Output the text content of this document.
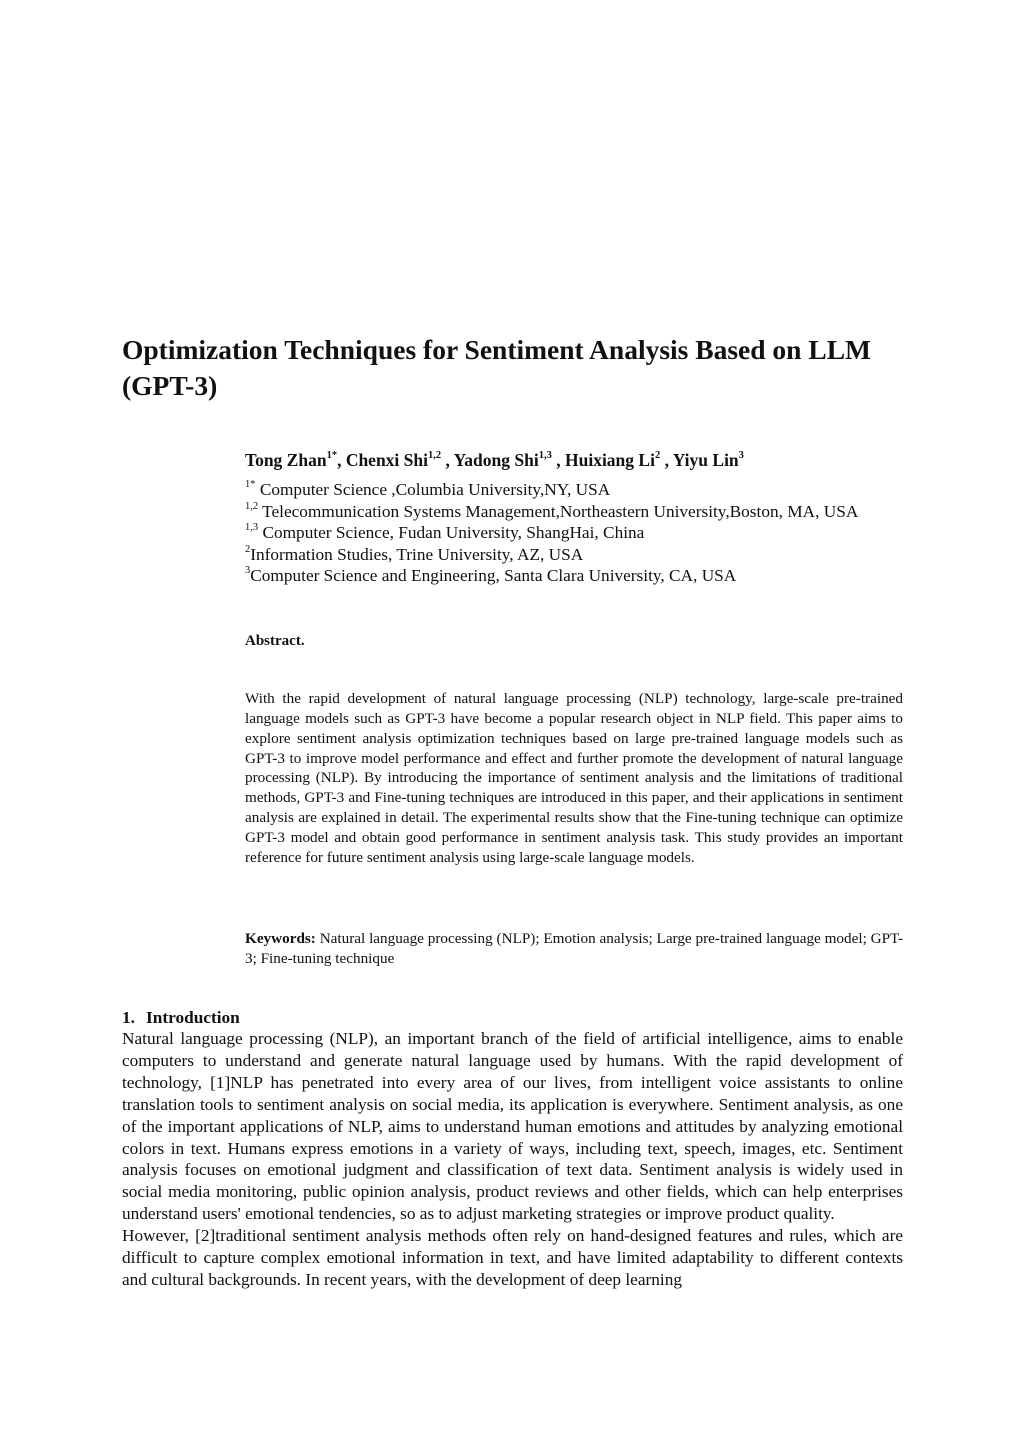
Optimization Techniques for Sentiment Analysis Based on LLM (GPT-3)

Tong Zhan$^{1*}$, Chenxi Shi$^{1,2}$ , Yadong Shi$^{1,3}$ , Huixiang Li$^2$ , Yiyu Lin$^3$

$^{1*}$ Computer Science ,Columbia University,NY, USA
$^{1,2}$ Telecommunication Systems Management,Northeastern University,Boston, MA, USA
$^{1,3}$ Computer Science, Fudan University, ShangHai, China
$^2$Information Studies, Trine University, AZ, USA
$^3$Computer Science and Engineering, Santa Clara University, CA, USA
Abstract.

With the rapid development of natural language processing (NLP) technology, large-scale pre-trained language models such as GPT-3 have become a popular research object in NLP field. This paper aims to explore sentiment analysis optimization techniques based on large pre-trained language models such as GPT-3 to improve model performance and effect and further promote the development of natural language processing (NLP). By introducing the importance of sentiment analysis and the limitations of traditional methods, GPT-3 and Fine-tuning techniques are introduced in this paper, and their applications in sentiment analysis are explained in detail. The experimental results show that the Fine-tuning technique can optimize GPT-3 model and obtain good performance in sentiment analysis task. This study provides an important reference for future sentiment analysis using large-scale language models.

Keywords: Natural language processing (NLP); Emotion analysis; Large pre-trained language model; GPT-3; Fine-tuning technique

1. Introduction

Natural language processing (NLP), an important branch of the field of artificial intelligence, aims to enable computers to understand and generate natural language used by humans. With the rapid development of technology, [1]NLP has penetrated into every area of our lives, from intelligent voice assistants to online translation tools to sentiment analysis on social media, its application is everywhere. Sentiment analysis, as one of the important applications of NLP, aims to understand human emotions and attitudes by analyzing emotional colors in text. Humans express emotions in a variety of ways, including text, speech, images, etc. Sentiment analysis focuses on emotional judgment and classification of text data. Sentiment analysis is widely used in social media monitoring, public opinion analysis, product reviews and other fields, which can help enterprises understand users' emotional tendencies, so as to adjust marketing strategies or improve product quality.

However, [2]traditional sentiment analysis methods often rely on hand-designed features and rules, which are difficult to capture complex emotional information in text, and have limited adaptability to different contexts and cultural backgrounds. In recent years, with the development of deep learning
